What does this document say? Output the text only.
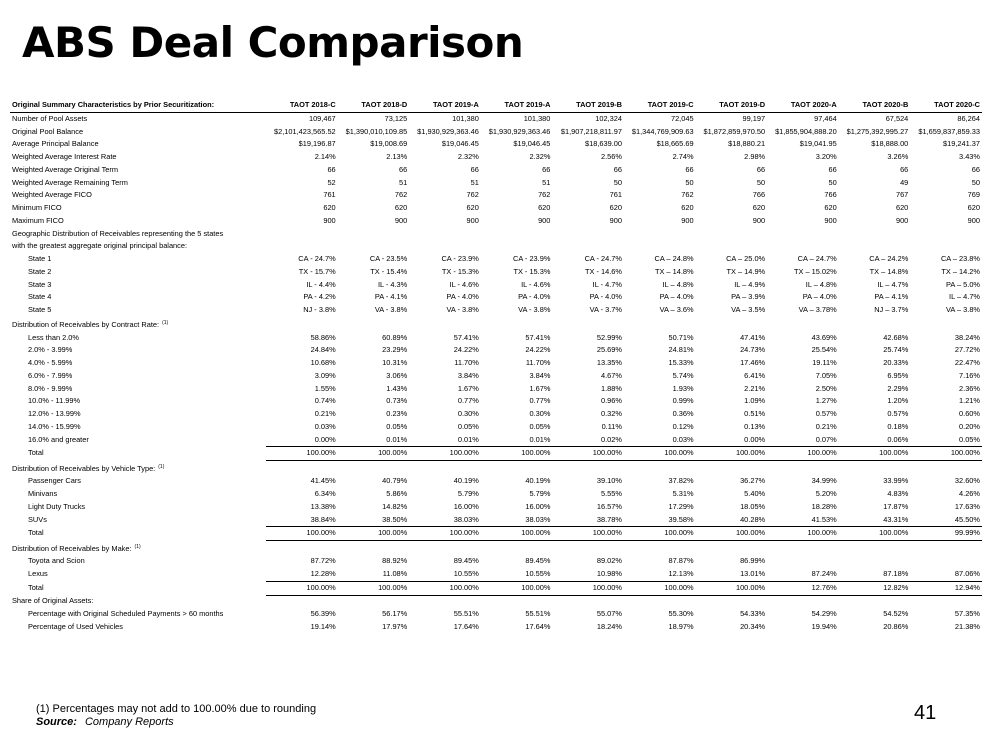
ABS Deal Comparison
Original Summary Characteristics by Prior Securitization:	TAOT 2018-C	TAOT 2018-D	TAOT 2019-A	TAOT 2019-A	TAOT 2019-B	TAOT 2019-C	TAOT 2019-D	TAOT 2020-A	TAOT 2020-B	TAOT 2020-C
Number of Pool Assets	109,467	73,125	101,380	101,380	102,324	72,045	99,197	97,464	67,524	86,264
Original Pool Balance	$2,101,423,565.52	$1,390,010,109.85	$1,930,929,363.46	$1,930,929,363.46	$1,907,218,811.97	$1,344,769,909.63	$1,872,859,970.50	$1,855,904,888.20	$1,275,392,995.27	$1,659,837,859.33
Average Principal Balance	$19,196.87	$19,008.69	$19,046.45	$19,046.45	$18,639.00	$18,665.69	$18,880.21	$19,041.95	$18,888.00	$19,241.37
Weighted Average Interest Rate	2.14%	2.13%	2.32%	2.32%	2.56%	2.74%	2.98%	3.20%	3.26%	3.43%
Weighted Average Original Term	66	66	66	66	66	66	66	66	66	66
Weighted Average Remaining Term	52	51	51	51	50	50	50	50	49	50
Weighted Average FICO	761	762	762	762	761	762	766	766	767	769
Minimum FICO	620	620	620	620	620	620	620	620	620	620
Maximum FICO	900	900	900	900	900	900	900	900	900	900
Geographic Distribution of Receivables representing the 5 states										
with the greatest aggregate original principal balance:										
State 1	CA - 24.7%	CA - 23.5%	CA - 23.9%	CA - 23.9%	CA - 24.7%	CA – 24.8%	CA – 25.0%	CA – 24.7%	CA – 24.2%	CA – 23.8%
State 2	TX - 15.7%	TX - 15.4%	TX - 15.3%	TX - 15.3%	TX - 14.6%	TX – 14.8%	TX – 14.9%	TX – 15.02%	TX – 14.8%	TX – 14.2%
State 3	IL - 4.4%	IL - 4.3%	IL - 4.6%	IL - 4.6%	IL - 4.7%	IL – 4.8%	IL – 4.9%	IL – 4.8%	IL – 4.7%	PA – 5.0%
State 4	PA - 4.2%	PA - 4.1%	PA - 4.0%	PA - 4.0%	PA - 4.0%	PA – 4.0%	PA – 3.9%	PA – 4.0%	PA – 4.1%	IL – 4.7%
State 5	NJ - 3.8%	VA - 3.8%	VA - 3.8%	VA - 3.8%	VA - 3.7%	VA – 3.6%	VA – 3.5%	VA – 3.78%	NJ – 3.7%	VA – 3.8%
Distribution of Receivables by Contract Rate: $^{(1)}$										
Less than 2.0%	58.86%	60.89%	57.41%	57.41%	52.99%	50.71%	47.41%	43.69%	42.68%	38.24%
2.0% - 3.99%	24.84%	23.29%	24.22%	24.22%	25.69%	24.81%	24.73%	25.54%	25.74%	27.72%
4.0% - 5.99%	10.68%	10.31%	11.70%	11.70%	13.35%	15.33%	17.46%	19.11%	20.33%	22.47%
6.0% - 7.99%	3.09%	3.06%	3.84%	3.84%	4.67%	5.74%	6.41%	7.05%	6.95%	7.16%
8.0% - 9.99%	1.55%	1.43%	1.67%	1.67%	1.88%	1.93%	2.21%	2.50%	2.29%	2.36%
10.0% - 11.99%	0.74%	0.73%	0.77%	0.77%	0.96%	0.99%	1.09%	1.27%	1.20%	1.21%
12.0% - 13.99%	0.21%	0.23%	0.30%	0.30%	0.32%	0.36%	0.51%	0.57%	0.57%	0.60%
14.0% - 15.99%	0.03%	0.05%	0.05%	0.05%	0.11%	0.12%	0.13%	0.21%	0.18%	0.20%
16.0% and greater	0.00%	0.01%	0.01%	0.01%	0.02%	0.03%	0.00%	0.07%	0.06%	0.05%
Total	100.00%	100.00%	100.00%	100.00%	100.00%	100.00%	100.00%	100.00%	100.00%	100.00%
Distribution of Receivables by Vehicle Type: $^{(1)}$										
Passenger Cars	41.45%	40.79%	40.19%	40.19%	39.10%	37.82%	36.27%	34.99%	33.99%	32.60%
Minivans	6.34%	5.86%	5.79%	5.79%	5.55%	5.31%	5.40%	5.20%	4.83%	4.26%
Light Duty Trucks	13.38%	14.82%	16.00%	16.00%	16.57%	17.29%	18.05%	18.28%	17.87%	17.63%
SUVs	38.84%	38.50%	38.03%	38.03%	38.78%	39.58%	40.28%	41.53%	43.31%	45.50%
Total	100.00%	100.00%	100.00%	100.00%	100.00%	100.00%	100.00%	100.00%	100.00%	99.99%
Distribution of Receivables by Make: $^{(1)}$										
Toyota and Scion	87.72%	88.92%	89.45%	89.45%	89.02%	87.87%	86.99%			
Lexus	12.28%	11.08%	10.55%	10.55%	10.98%	12.13%	13.01%	87.24%	87.18%	87.06%
Total	100.00%	100.00%	100.00%	100.00%	100.00%	100.00%	100.00%	12.76%	12.82%	12.94%
Share of Original Assets:										
Percentage with Original Scheduled Payments > 60 months	56.39%	56.17%	55.51%	55.51%	55.07%	55.30%	54.33%	54.29%	54.52%	57.35%
Percentage of Used Vehicles	19.14%	17.97%	17.64%	17.64%	18.24%	18.97%	20.34%	19.94%	20.86%	21.38%
(1) Percentages may not add to 100.00% due to rounding
Source: Company Reports	41
